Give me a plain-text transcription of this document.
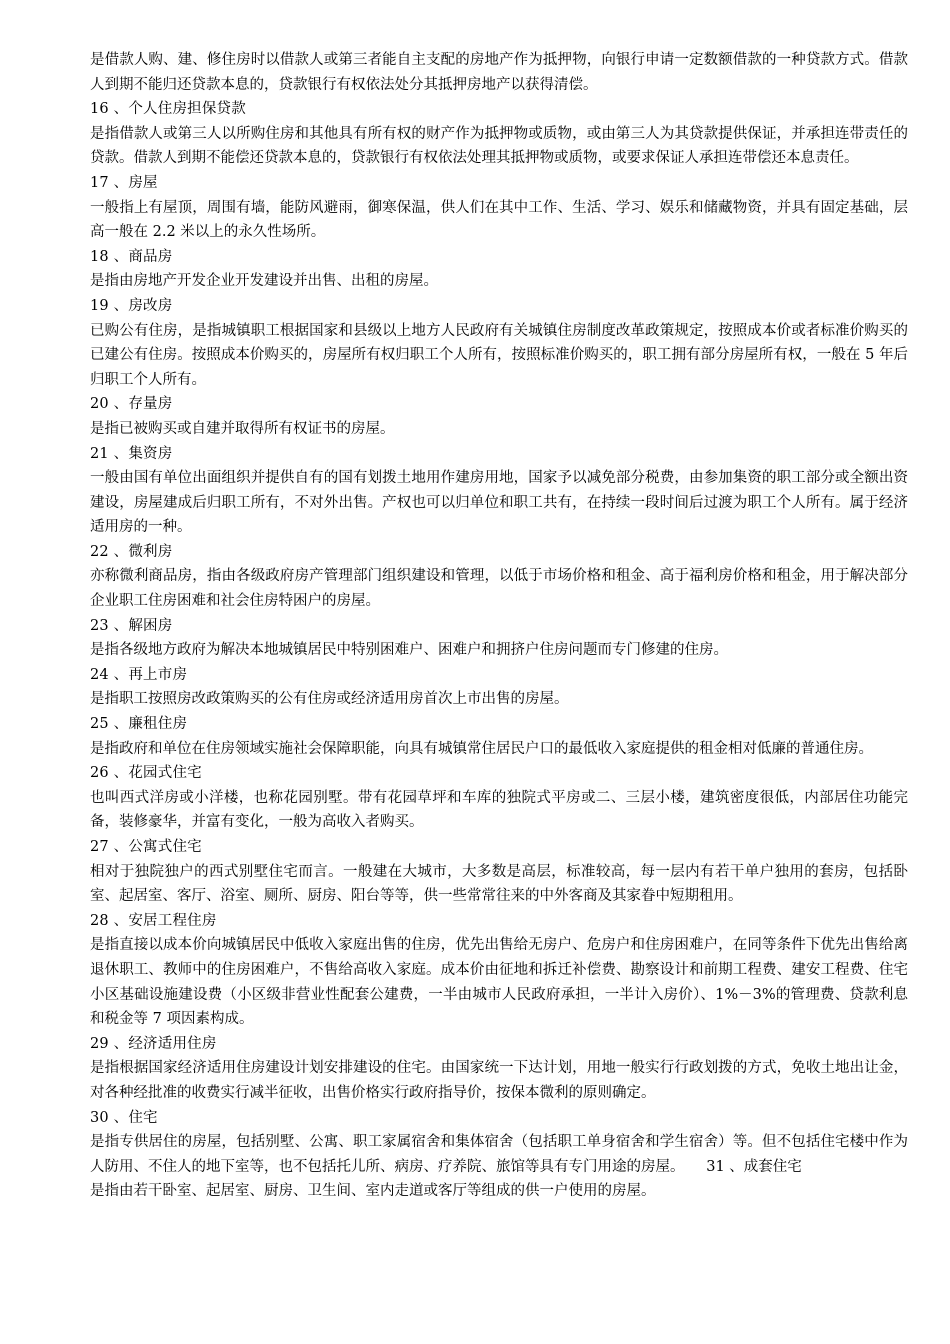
是借款人购、建、修住房时以借款人或第三者能自主支配的房地产作为抵押物，向银行申请一定数额借款的一种贷款方式。借款人到期不能归还贷款本息的，贷款银行有权依法处分其抵押房地产以获得清偿。

16 、个人住房担保贷款

是指借款人或第三人以所购住房和其他具有所有权的财产作为抵押物或质物，或由第三人为其贷款提供保证，并承担连带责任的贷款。借款人到期不能偿还贷款本息的，贷款银行有权依法处理其抵押物或质物，或要求保证人承担连带偿还本息责任。

17 、房屋

一般指上有屋顶，周围有墙，能防风避雨，御寒保温，供人们在其中工作、生活、学习、娱乐和储藏物资，并具有固定基础，层高一般在 2.2 米以上的永久性场所。

18 、商品房

是指由房地产开发企业开发建设并出售、出租的房屋。

19 、房改房

已购公有住房，是指城镇职工根据国家和县级以上地方人民政府有关城镇住房制度改革政策规定，按照成本价或者标准价购买的已建公有住房。按照成本价购买的，房屋所有权归职工个人所有，按照标准价购买的，职工拥有部分房屋所有权，一般在 5 年后归职工个人所有。

20 、存量房

是指已被购买或自建并取得所有权证书的房屋。

21 、集资房

一般由国有单位出面组织并提供自有的国有划拨土地用作建房用地，国家予以减免部分税费，由参加集资的职工部分或全额出资建设，房屋建成后归职工所有，不对外出售。产权也可以归单位和职工共有，在持续一段时间后过渡为职工个人所有。属于经济适用房的一种。

22 、微利房

亦称微利商品房，指由各级政府房产管理部门组织建设和管理，以低于市场价格和租金、高于福利房价格和租金，用于解决部分企业职工住房困难和社会住房特困户的房屋。

23 、解困房

是指各级地方政府为解决本地城镇居民中特别困难户、困难户和拥挤户住房问题而专门修建的住房。

24 、再上市房

是指职工按照房改政策购买的公有住房或经济适用房首次上市出售的房屋。

25 、廉租住房

是指政府和单位在住房领域实施社会保障职能，向具有城镇常住居民户口的最低收入家庭提供的租金相对低廉的普通住房。

26 、花园式住宅

也叫西式洋房或小洋楼，也称花园别墅。带有花园草坪和车库的独院式平房或二、三层小楼，建筑密度很低，内部居住功能完备，装修豪华，并富有变化，一般为高收入者购买。

27 、公寓式住宅

相对于独院独户的西式别墅住宅而言。一般建在大城市，大多数是高层，标准较高，每一层内有若干单户独用的套房，包括卧室、起居室、客厅、浴室、厕所、厨房、阳台等等，供一些常常往来的中外客商及其家眷中短期租用。

28 、安居工程住房

是指直接以成本价向城镇居民中低收入家庭出售的住房，优先出售给无房户、危房户和住房困难户，在同等条件下优先出售给离退休职工、教师中的住房困难户，不售给高收入家庭。成本价由征地和拆迁补偿费、勘察设计和前期工程费、建安工程费、住宅小区基础设施建设费（小区级非营业性配套公建费，一半由城市人民政府承担，一半计入房价）、1%－3%的管理费、贷款利息和税金等 7 项因素构成。

29 、经济适用住房

是指根据国家经济适用住房建设计划安排建设的住宅。由国家统一下达计划，用地一般实行行政划拨的方式，免收土地出让金，对各种经批准的收费实行减半征收，出售价格实行政府指导价，按保本微利的原则确定。

30 、住宅

是指专供居住的房屋，包括别墅、公寓、职工家属宿舍和集体宿舍（包括职工单身宿舍和学生宿舍）等。但不包括住宅楼中作为人防用、不住人的地下室等，也不包括托儿所、病房、疗养院、旅馆等具有专门用途的房屋。　　31 、成套住宅

是指由若干卧室、起居室、厨房、卫生间、室内走道或客厅等组成的供一户使用的房屋。
